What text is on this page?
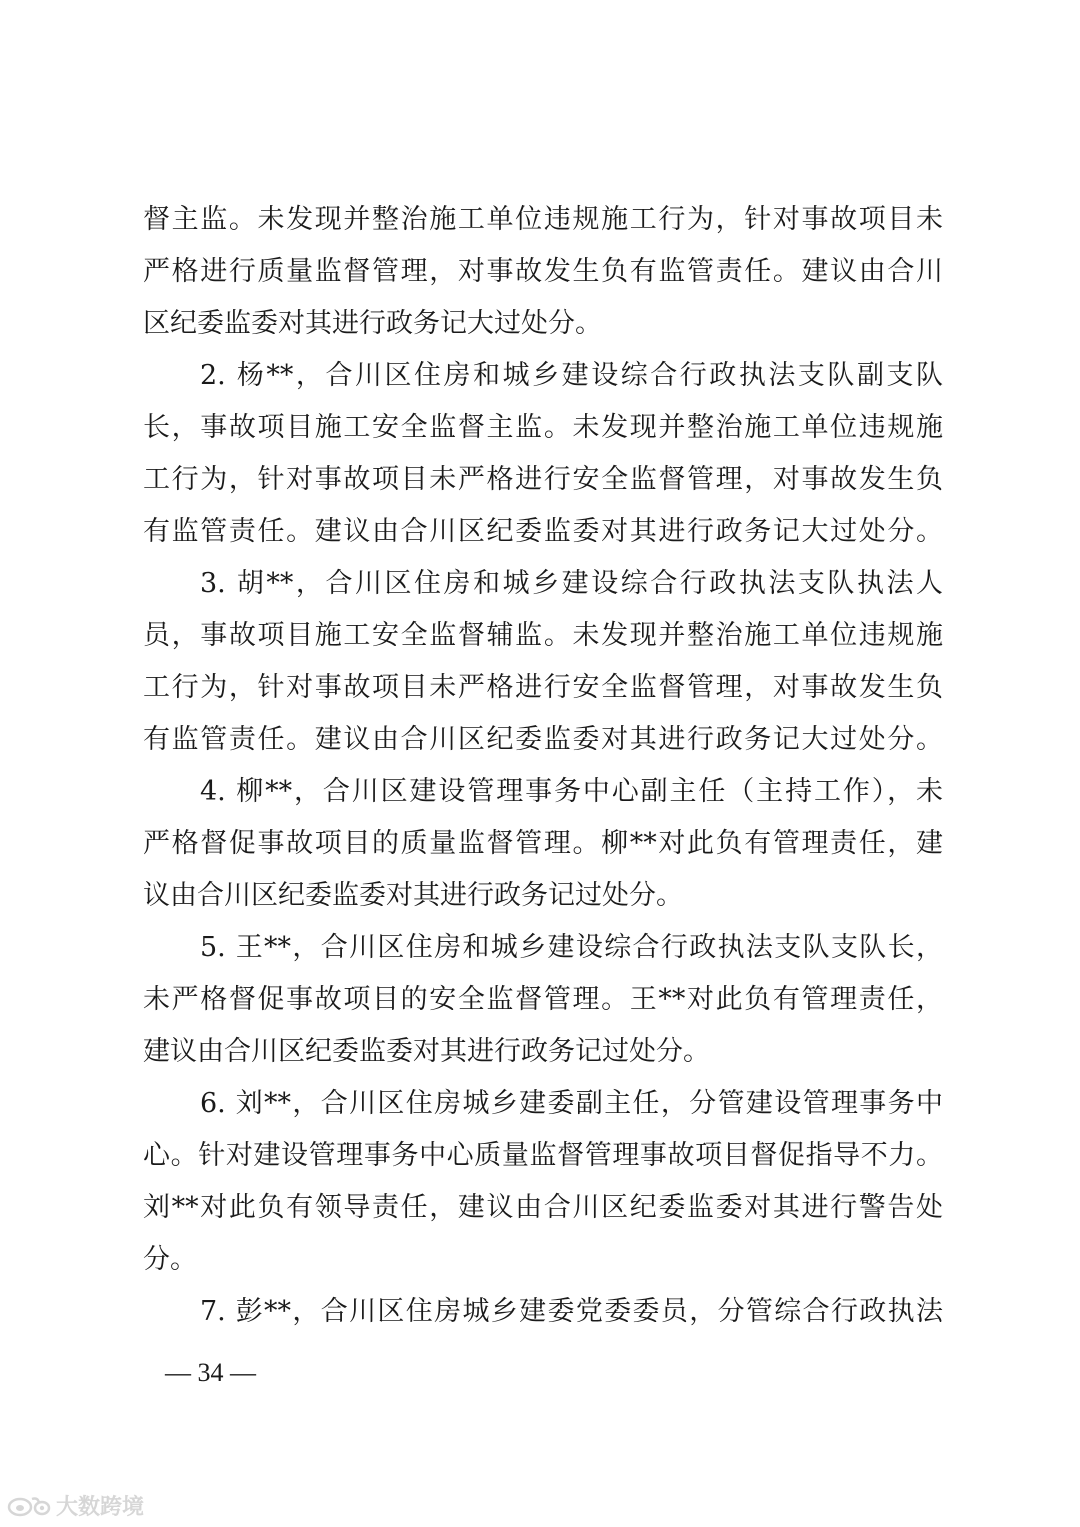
督主监。未发现并整治施工单位违规施工行为，针对事故项目未
严格进行质量监督管理，对事故发生负有监管责任。建议由合川
区纪委监委对其进行政务记大过处分。
2. 杨**，合川区住房和城乡建设综合行政执法支队副支队
长，事故项目施工安全监督主监。未发现并整治施工单位违规施
工行为，针对事故项目未严格进行安全监督管理，对事故发生负
有监管责任。建议由合川区纪委监委对其进行政务记大过处分。
3. 胡**，合川区住房和城乡建设综合行政执法支队执法人
员，事故项目施工安全监督辅监。未发现并整治施工单位违规施
工行为，针对事故项目未严格进行安全监督管理，对事故发生负
有监管责任。建议由合川区纪委监委对其进行政务记大过处分。
4. 柳**，合川区建设管理事务中心副主任（主持工作），未
严格督促事故项目的质量监督管理。柳**对此负有管理责任，建
议由合川区纪委监委对其进行政务记过处分。
5. 王**，合川区住房和城乡建设综合行政执法支队支队长，
未严格督促事故项目的安全监督管理。王**对此负有管理责任，
建议由合川区纪委监委对其进行政务记过处分。
6. 刘**，合川区住房城乡建委副主任，分管建设管理事务中
心。针对建设管理事务中心质量监督管理事故项目督促指导不力。
刘**对此负有领导责任，建议由合川区纪委监委对其进行警告处
分。
7. 彭**，合川区住房城乡建委党委委员，分管综合行政执法
— 34 —
大数跨境
